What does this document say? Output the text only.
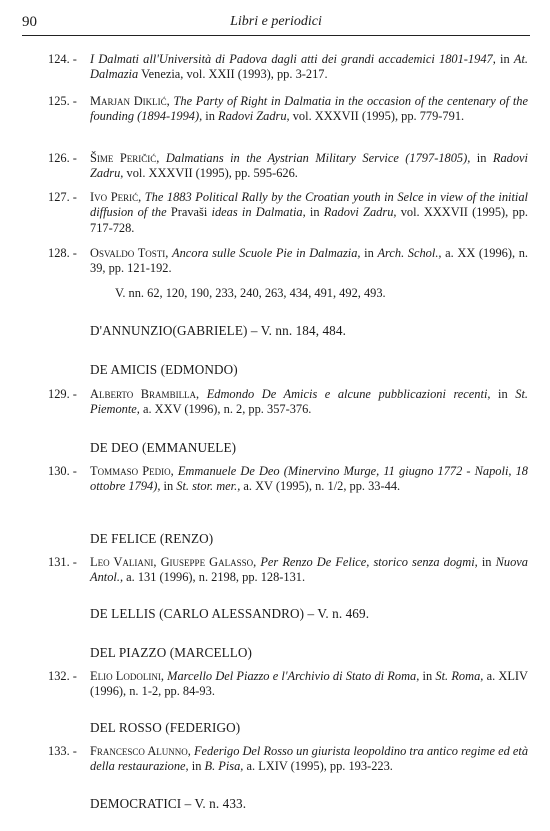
90	Libri e periodici
124. -	I Dalmati all'Università di Padova dagli atti dei grandi accademici 1801-1947, in At. Dalmazia Venezia, vol. XXII (1993), pp. 3-217.
125. -	Marjan Diklić, The Party of Right in Dalmatia in the occasion of the centenary of the founding (1894-1994), in Radovi Zadru, vol. XXXVII (1995), pp. 779-791.
126. -	Šime Peričić, Dalmatians in the Aystrian Military Service (1797-1805), in Radovi Zadru, vol. XXXVII (1995), pp. 595-626.
127. -	Ivo Perić, The 1883 Political Rally by the Croatian youth in Selce in view of the initial diffusion of the Pravaši ideas in Dalmatia, in Radovi Zadru, vol. XXXVII (1995), pp. 717-728.
128. -	Osvaldo Tosti, Ancora sulle Scuole Pie in Dalmazia, in Arch. Schol., a. XX (1996), n. 39, pp. 121-192.
V. nn. 62, 120, 190, 233, 240, 263, 434, 491, 492, 493.
D'ANNUNZIO(GABRIELE) – V. nn. 184, 484.
DE AMICIS (EDMONDO)
129. -	Alberto Brambilla, Edmondo De Amicis e alcune pubblicazioni recenti, in St. Piemonte, a. XXV (1996), n. 2, pp. 357-376.
DE DEO (EMMANUELE)
130. -	Tommaso Pedio, Emmanuele De Deo (Minervino Murge, 11 giugno 1772 - Napoli, 18 ottobre 1794), in St. stor. mer., a. XV (1995), n. 1/2, pp. 33-44.
DE FELICE (RENZO)
131. -	Leo Valiani, Giuseppe Galasso, Per Renzo De Felice, storico senza dogmi, in Nuova Antol., a. 131 (1996), n. 2198, pp. 128-131.
DE LELLIS (CARLO ALESSANDRO) – V. n. 469.
DEL PIAZZO (MARCELLO)
132. -	Elio Lodolini, Marcello Del Piazzo e l'Archivio di Stato di Roma, in St. Roma, a. XLIV (1996), n. 1-2, pp. 84-93.
DEL ROSSO (FEDERIGO)
133. -	Francesco Alunno, Federigo Del Rosso un giurista leopoldino tra antico regime ed età della restaurazione, in B. Pisa, a. LXIV (1995), pp. 193-223.
DEMOCRATICI – V. n. 433.
